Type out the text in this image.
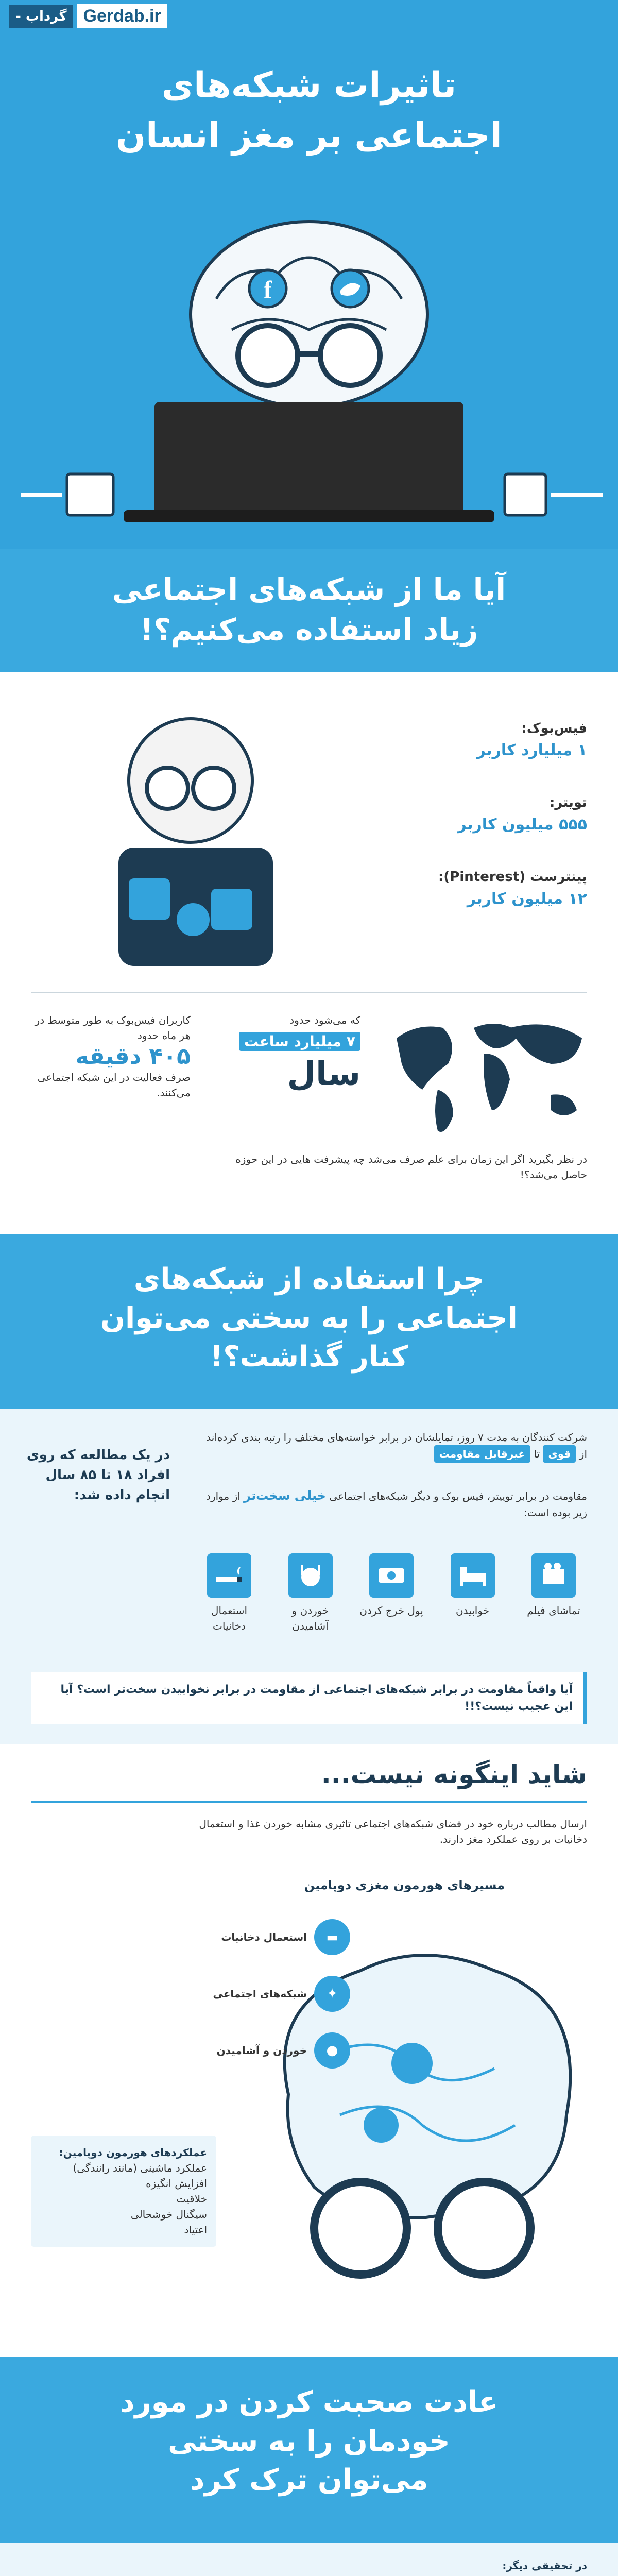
Gerdab.ir
گرداب -
تاثیرات شبکه‌های
اجتماعی بر مغز انسان
f
آیا ما از شبکه‌های اجتماعی
زیاد استفاده می‌کنیم؟!
فیس‌بوک:
۱ میلیارد کاربر
تویتر:
۵۵۵ میلیون کاربر
پینترست (Pinterest):
۱۲ میلیون کاربر
کاربران فیس‌بوک به طور متوسط در هر ماه حدود
۴۰۵ دقیقه
صرف فعالیت در این شبکه اجتماعی می‌کنند.
که می‌شود حدود
۷ میلیارد ساعت
سال
در نظر بگیرید اگر این زمان برای علم صرف می‌شد چه پیشرفت هایی در این حوزه حاصل می‌شد؟!
چرا استفاده از شبکه‌های
اجتماعی را به سختی می‌توان
کنار گذاشت؟!
شرکت کنندگان به مدت ۷ روز، تمایلشان در برابر خواسته‌های مختلف را رتبه بندی کرده‌اند از قوی تا غیرقابل مقاومت
مقاومت در برابر توییتر، فیس بوک و دیگر شبکه‌های اجتماعی خیلی سخت‌تر از موارد زیر بوده است:
در یک مطالعه که روی افراد ۱۸ تا ۸۵ سال انجام داده شد:
تماشای فیلم
خوابیدن
پول خرج کردن
خوردن و آشامیدن
استعمال دخانیات
آیا واقعاً مقاومت در برابر شبکه‌های اجتماعی از مقاومت در برابر نخوابیدن سخت‌تر است؟ آیا این عجیب نیست؟!!
شاید اینگونه نیست...
ارسال مطالب درباره خود در فضای شبکه‌های اجتماعی تاثیری مشابه خوردن غذا و استعمال دخانیات بر روی عملکرد مغز دارند.
مسیرهای هورمون مغزی دوپامین
▬
استعمال دخانیات
✦
شبکه‌های اجتماعی
●
خوردن و آشامیدن
عملکردهای هورمون دوپامین:
عملکرد ماشینی (مانند رانندگی)
افزایش انگیزه
خلاقیت
سیگنال خوشحالی
اعتیاد
عادت صحبت کردن در مورد
خودمان را به سختی
می‌توان ترک کرد
در تحقیقی دیگر:
